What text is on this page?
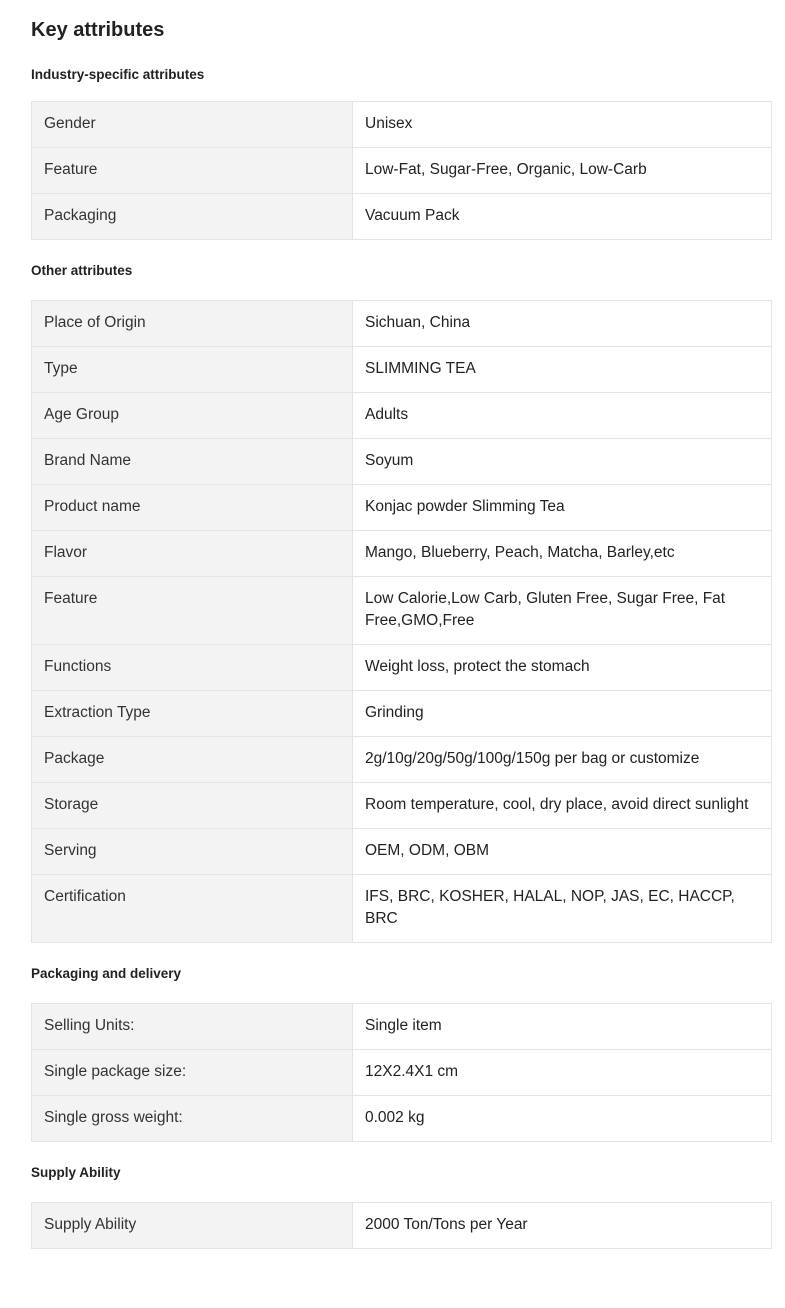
Key attributes
Industry-specific attributes
Gender	Unisex
Feature	Low-Fat, Sugar-Free, Organic, Low-Carb
Packaging	Vacuum Pack
Other attributes
Place of Origin	Sichuan, China
Type	SLIMMING TEA
Age Group	Adults
Brand Name	Soyum
Product name	Konjac powder Slimming Tea
Flavor	Mango, Blueberry, Peach, Matcha, Barley,etc
Feature	Low Calorie,Low Carb, Gluten Free, Sugar Free, Fat Free,GMO,Free
Functions	Weight loss, protect the stomach
Extraction Type	Grinding
Package	2g/10g/20g/50g/100g/150g per bag or customize
Storage	Room temperature, cool, dry place, avoid direct sunlight
Serving	OEM, ODM, OBM
Certification	IFS, BRC, KOSHER, HALAL, NOP, JAS, EC, HACCP, BRC
Packaging and delivery
Selling Units:	Single item
Single package size:	12X2.4X1 cm
Single gross weight:	0.002 kg
Supply Ability
Supply Ability	2000 Ton/Tons per Year
